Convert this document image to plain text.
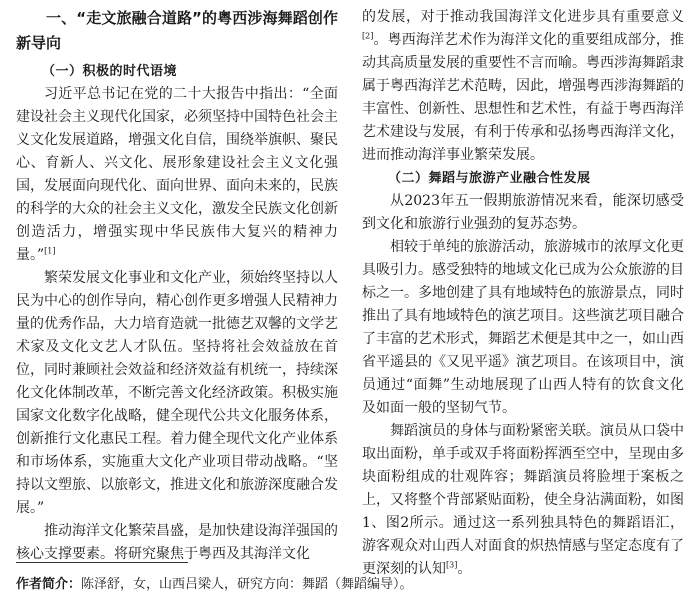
一、“走文旅融合道路”的粤西涉海舞蹈创作新导向
（一）积极的时代语境

习近平总书记在党的二十大报告中指出：“全面建设社会主义现代化国家，必须坚持中国特色社会主义文化发展道路，增强文化自信，围绕举旗帜、聚民心、育新人、兴文化、展形象建设社会主义文化强国，发展面向现代化、面向世界、面向未来的，民族的科学的大众的社会主义文化，激发全民族文化创新创造活力，增强实现中华民族伟大复兴的精神力量。”[1]

繁荣发展文化事业和文化产业，须始终坚持以人民为中心的创作导向，精心创作更多增强人民精神力量的优秀作品，大力培育造就一批德艺双馨的文学艺术家及文化文艺人才队伍。坚持将社会效益放在首位，同时兼顾社会效益和经济效益有机统一，持续深化文化体制改革，不断完善文化经济政策。积极实施国家文化数字化战略，健全现代公共文化服务体系，创新推行文化惠民工程。着力健全现代文化产业体系和市场体系，实施重大文化产业项目带动战略。“坚持以文塑旅、以旅彰文，推进文化和旅游深度融合发展。”

推动海洋文化繁荣昌盛，是加快建设海洋强国的核心支撑要素。将研究聚焦于粤西及其海洋文化

的发展，对于推动我国海洋文化进步具有重要意义[2]。粤西海洋艺术作为海洋文化的重要组成部分，推动其高质量发展的重要性不言而喻。粤西涉海舞蹈隶属于粤西海洋艺术范畴，因此，增强粤西涉海舞蹈的丰富性、创新性、思想性和艺术性，有益于粤西海洋艺术建设与发展，有利于传承和弘扬粤西海洋文化，进而推动海洋事业繁荣发展。

（二）舞蹈与旅游产业融合性发展

从2023年五一假期旅游情况来看，能深切感受到文化和旅游行业强劲的复苏态势。

相较于单纯的旅游活动，旅游城市的浓厚文化更具吸引力。感受独特的地域文化已成为公众旅游的目标之一。多地创建了具有地域特色的旅游景点，同时推出了具有地域特色的演艺项目。这些演艺项目融合了丰富的艺术形式，舞蹈艺术便是其中之一，如山西省平遥县的《又见平遥》演艺项目。在该项目中，演员通过“面舞”生动地展现了山西人特有的饮食文化及如面一般的坚韧气节。

舞蹈演员的身体与面粉紧密关联。演员从口袋中取出面粉，单手或双手将面粉挥洒至空中，呈现由多块面粉组成的壮观阵容；舞蹈演员将脸埋于案板之上，又将整个背部紧贴面粉，使全身沾满面粉，如图1、图2所示。通过这一系列独具特色的舞蹈语汇，游客观众对山西人对面食的炽热情感与坚定态度有了更深刻的认知[3]。

作者简介：陈泽舒，女，山西吕梁人，研究方向：舞蹈（舞蹈编导）。
